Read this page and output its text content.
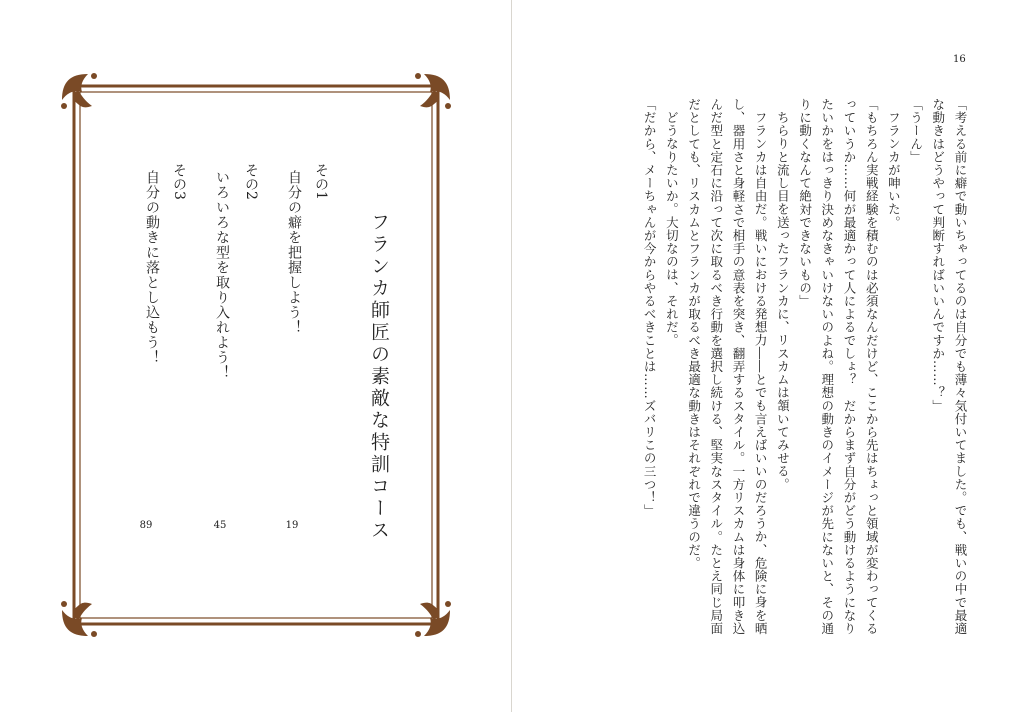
フランカ師匠の素敵な特訓コース
その1
自分の癖を把握しよう！
19
その2
いろいろな型を取り入れよう！
45
その3
自分の動きに落とし込もう！
89
16

「考える前に癖で動いちゃってるのは自分でも薄々気付いてました。でも、戦いの中で最適な動きはどうやって判断すればいいんですか……？」

「うーん」

フランカが呻いた。

「もちろん実戦経験を積むのは必須なんだけど、ここから先はちょっと領域が変わってくるっていうか……何が最適かって人によるでしょ？　だからまず自分がどう動けるようになりたいかをはっきり決めなきゃいけないのよね。理想の動きのイメージが先にないと、その通りに動くなんて絶対できないもの」

ちらりと流し目を送ったフランカに、リスカムは頷いてみせる。

フランカは自由だ。戦いにおける発想力――とでも言えばいいのだろうか、危険に身を晒し、器用さと身軽さで相手の意表を突き、翻弄するスタイル。一方リスカムは身体に叩き込んだ型と定石に沿って次に取るべき行動を選択し続ける、堅実なスタイル。たとえ同じ局面だとしても、リスカムとフランカが取るべき最適な動きはそれぞれで違うのだ。

どうなりたいか。大切なのは、それだ。

「だから、メーちゃんが今からやるべきことは……ズバリこの三つ！」
